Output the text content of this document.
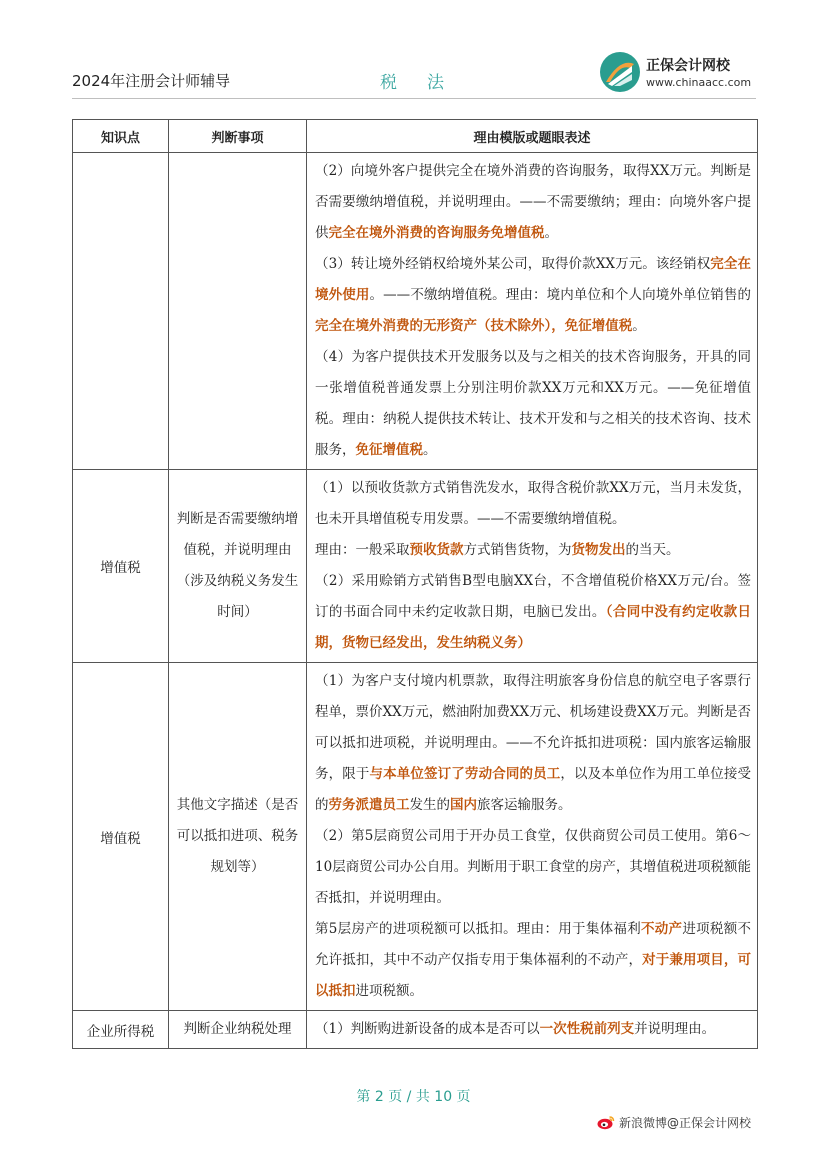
2024年注册会计师辅导	税法
正保会计网校
www.chinaacc.com
知识点	判断事项	理由模版或题眼表述

		（2）向境外客户提供完全在境外消费的咨询服务，取得XX万元。判断是否需要缴纳增值税，并说明理由。——不需要缴纳；理由：向境外客户提供完全在境外消费的咨询服务免增值税。

（3）转让境外经销权给境外某公司，取得价款XX万元。该经销权完全在境外使用。——不缴纳增值税。理由：境内单位和个人向境外单位销售的完全在境外消费的无形资产（技术除外），免征增值税。

（4）为客户提供技术开发服务以及与之相关的技术咨询服务，开具的同一张增值税普通发票上分别注明价款XX万元和XX万元。——免征增值税。理由：纳税人提供技术转让、技术开发和与之相关的技术咨询、技术服务，免征增值税。

增值税	判断是否需要缴纳增值税，并说明理由（涉及纳税义务发生时间）	（1）以预收货款方式销售洗发水，取得含税价款XX万元，当月未发货，也未开具增值税专用发票。——不需要缴纳增值税。

理由：一般采取预收货款方式销售货物，为货物发出的当天。

（2）采用赊销方式销售B型电脑XX台，不含增值税价格XX万元/台。签订的书面合同中未约定收款日期，电脑已发出。（合同中没有约定收款日期，货物已经发出，发生纳税义务）

增值税	其他文字描述（是否可以抵扣进项、税务规划等）	（1）为客户支付境内机票款，取得注明旅客身份信息的航空电子客票行程单，票价XX万元，燃油附加费XX万元、机场建设费XX万元。判断是否可以抵扣进项税，并说明理由。——不允许抵扣进项税：国内旅客运输服务，限于与本单位签订了劳动合同的员工，以及本单位作为用工单位接受的劳务派遣员工发生的国内旅客运输服务。

（2）第5层商贸公司用于开办员工食堂，仅供商贸公司员工使用。第6～10层商贸公司办公自用。判断用于职工食堂的房产，其增值税进项税额能否抵扣，并说明理由。

第5层房产的进项税额可以抵扣。理由：用于集体福利不动产进项税额不允许抵扣，其中不动产仅指专用于集体福利的不动产，对于兼用项目，可以抵扣进项税额。

企业所得税	判断企业纳税处理	（1）判断购进新设备的成本是否可以一次性税前列支并说明理由。

第 2 页 / 共 10 页
新浪微博@正保会计网校
